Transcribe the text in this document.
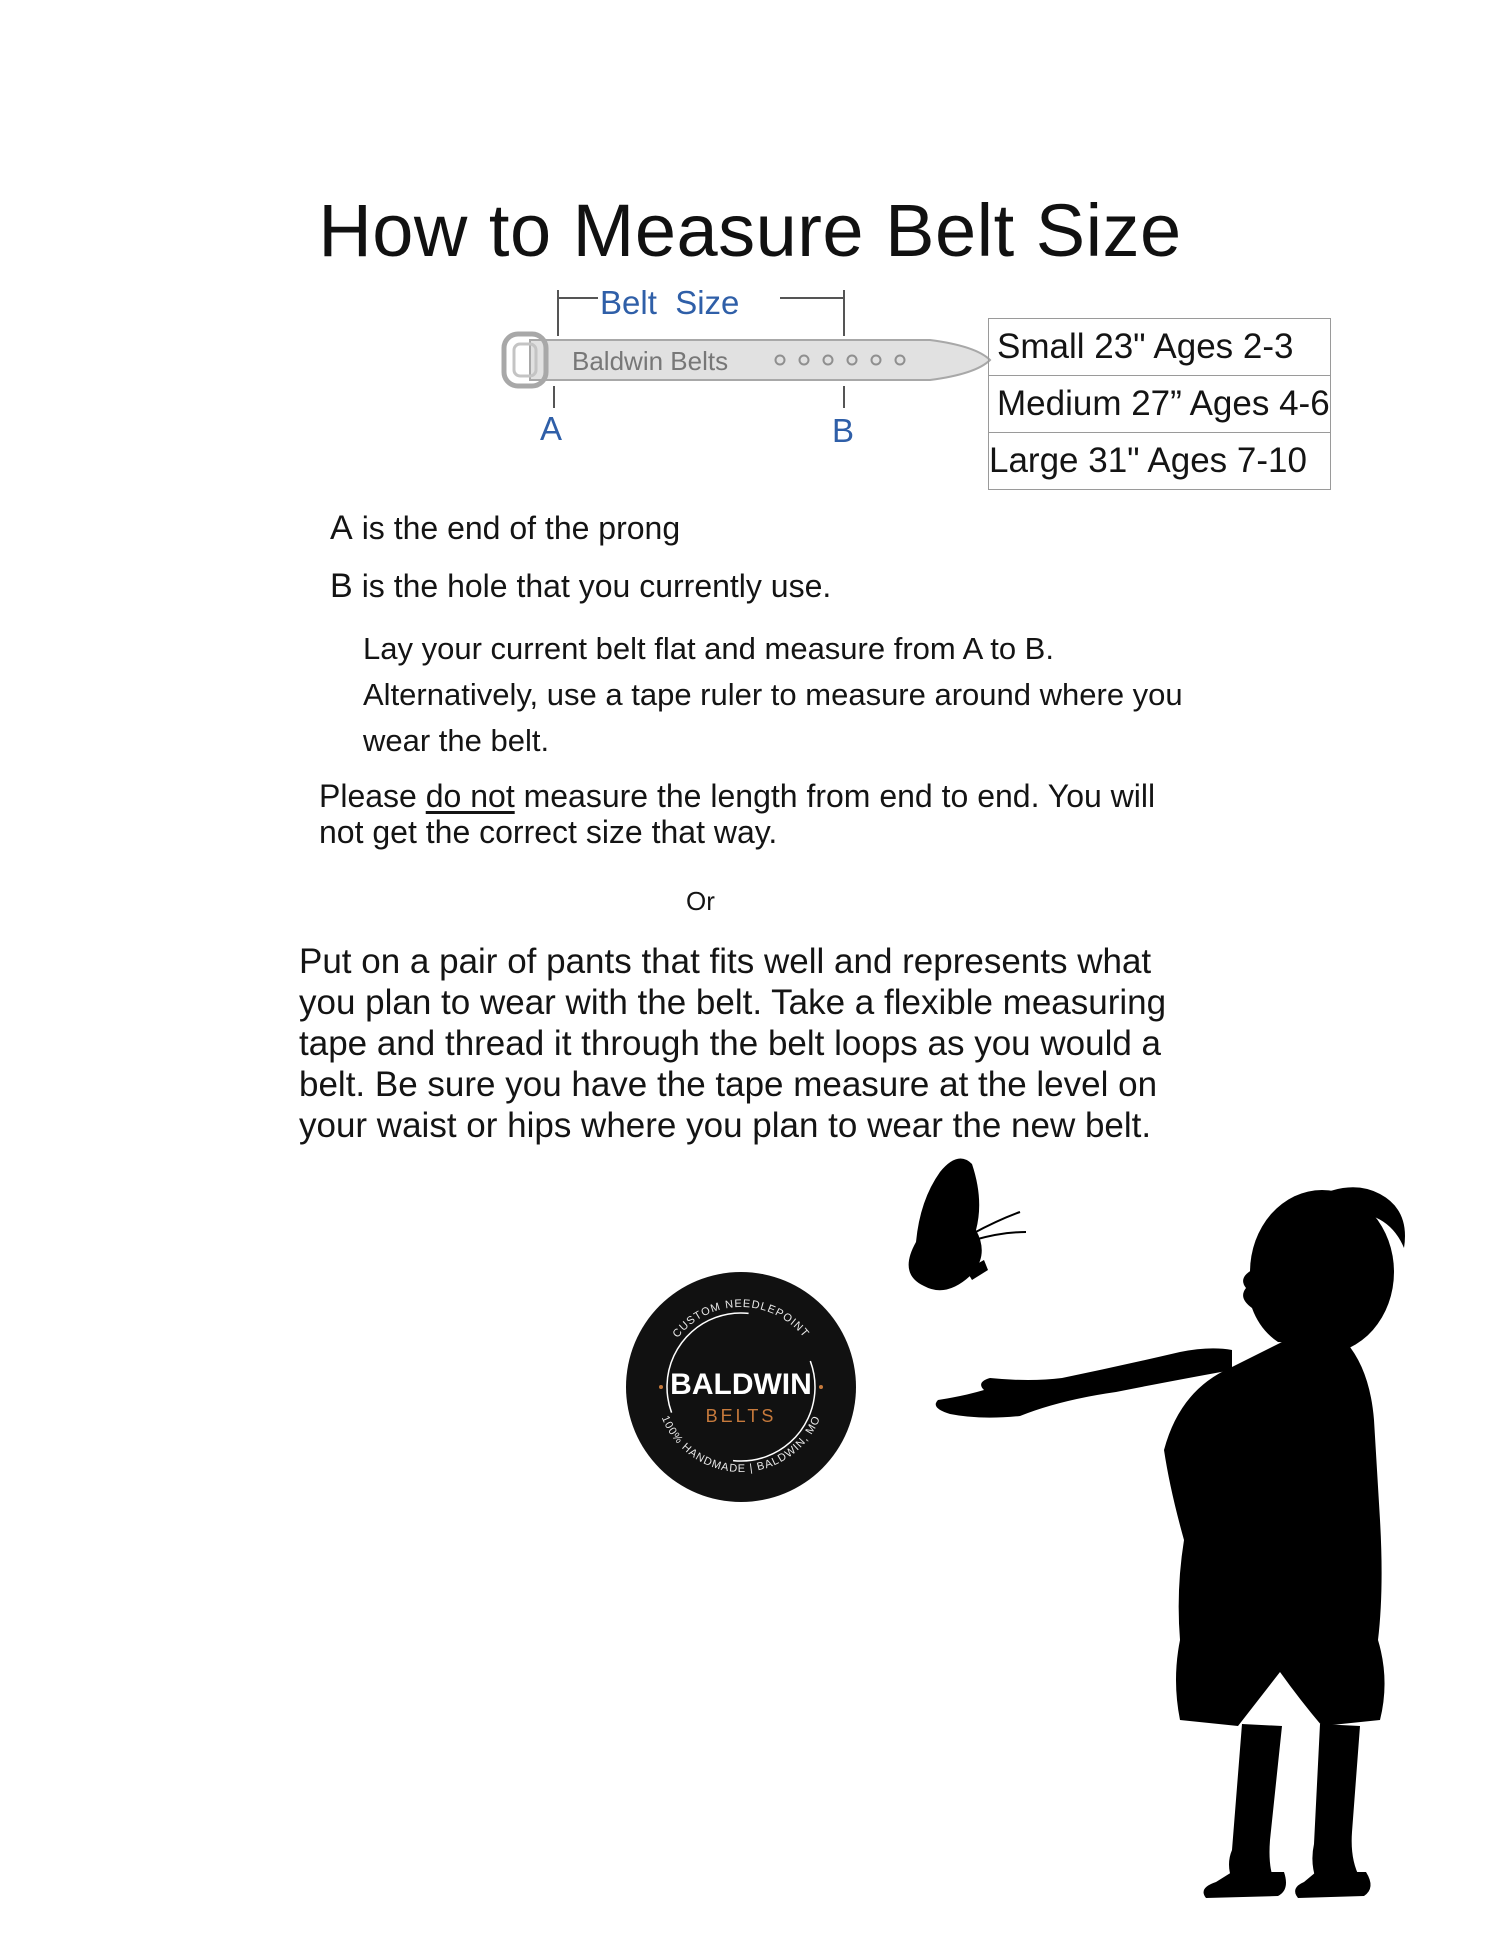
How to Measure Belt Size
Belt  Size
Baldwin Belts
A	B
Small 23" Ages 2-3
Medium 27” Ages 4-6
Large 31" Ages 7-10
A is the end of the prong
B is the hole that you currently use.
Lay your current belt flat and measure from A to B.
Alternatively, use a tape ruler to measure around where you
wear the belt.
Please do not measure the length from end to end. You will
not get the correct size that way.
Or
Put on a pair of pants that fits well and represents what
you plan to wear with the belt. Take a flexible measuring
tape and thread it through the belt loops as you would a
belt. Be sure you have the tape measure at the level on
your waist or hips where you plan to wear the new belt.
CUSTOM NEEDLEPOINT
100% HANDMADE | BALDWIN, MO
BALDWIN
BELTS
